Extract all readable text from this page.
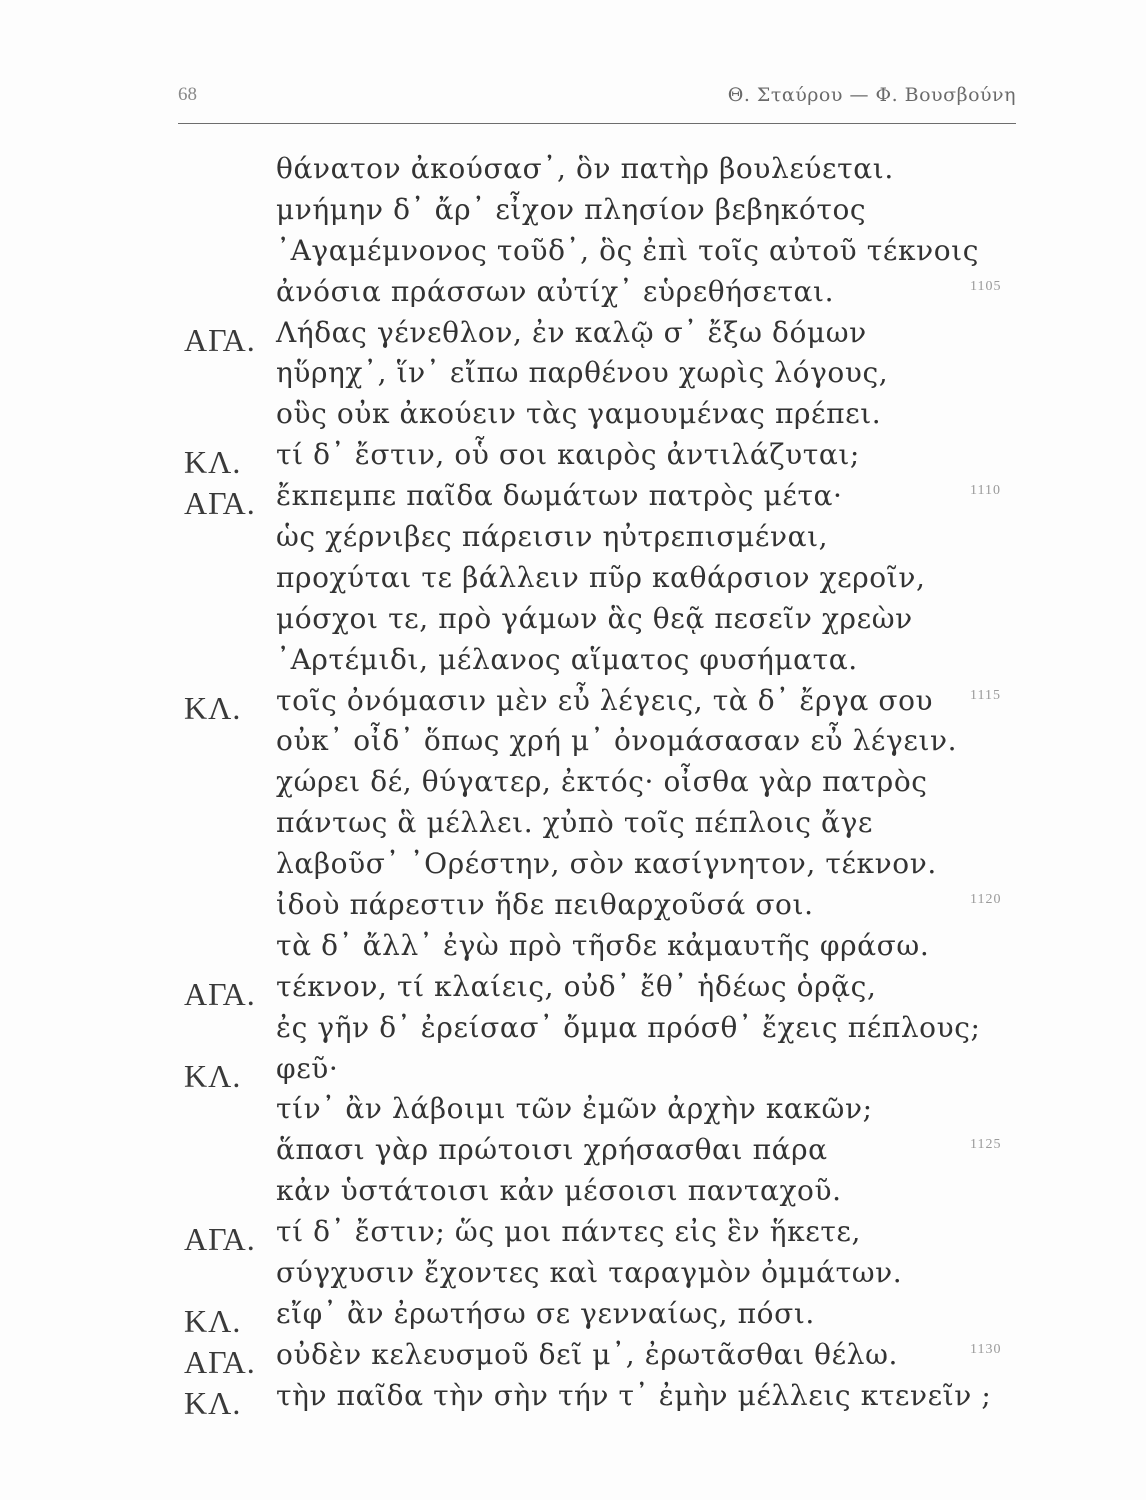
68	Θ. Σταύρου — Φ. Βουσβούνη
θάνατον ἀκούσασ᾿, ὃν πατὴρ βουλεύεται.
μνήμην δ᾿ ἄρ᾿ εἶχον πλησίον βεβηκότος
᾿Αγαμέμνονος τοῦδ᾿, ὃς ἐπὶ τοῖς αὐτοῦ τέκνοις
ἀνόσια πράσσων αὐτίχ᾿ εὑρεθήσεται.	1105
ΑΓΑ. Λήδας γένεθλον, ἐν καλῷ σ᾿ ἔξω δόμων
ηὕρηχ᾿, ἵν᾿ εἴπω παρθένου χωρὶς λόγους,
οὓς οὐκ ἀκούειν τὰς γαμουμένας πρέπει.
ΚΛ. τί δ᾿ ἔστιν, οὗ σοι καιρὸς ἀντιλάζυται;
ΑΓΑ. ἔκπεμπε παῖδα δωμάτων πατρὸς μέτα·	1110
ὡς χέρνιβες πάρεισιν ηὐτρεπισμέναι,
προχύται τε βάλλειν πῦρ καθάρσιον χεροῖν,
μόσχοι τε, πρὸ γάμων ἃς θεᾷ πεσεῖν χρεὼν
᾿Αρτέμιδι, μέλανος αἵματος φυσήματα.
ΚΛ. τοῖς ὀνόμασιν μὲν εὖ λέγεις, τὰ δ᾿ ἔργα σου	1115
οὐκ᾿ οἶδ᾿ ὅπως χρή μ᾿ ὀνομάσασαν εὖ λέγειν.
χώρει δέ, θύγατερ, ἐκτός· οἶσθα γὰρ πατρὸς
πάντως ἃ μέλλει. χὐπὸ τοῖς πέπλοις ἄγε
λαβοῦσ᾿ ᾿Ορέστην, σὸν κασίγνητον, τέκνον.
ἰδοὺ πάρεστιν ἥδε πειθαρχοῦσά σοι.	1120
τὰ δ᾿ ἄλλ᾿ ἐγὼ πρὸ τῆσδε κἀμαυτῆς φράσω.
ΑΓΑ. τέκνον, τί κλαίεις, οὐδ᾿ ἔθ᾿ ἡδέως ὁρᾷς,
ἐς γῆν δ᾿ ἐρείσασ᾿ ὄμμα πρόσθ᾿ ἔχεις πέπλους;
ΚΛ. φεῦ·
τίν᾿ ἂν λάβοιμι τῶν ἐμῶν ἀρχὴν κακῶν;
ἅπασι γὰρ πρώτοισι χρήσασθαι πάρα	1125
κἀν ὑστάτοισι κἀν μέσοισι πανταχοῦ.
ΑΓΑ. τί δ᾿ ἔστιν; ὥς μοι πάντες εἰς ἓν ἥκετε,
σύγχυσιν ἔχοντες καὶ ταραγμὸν ὀμμάτων.
ΚΛ. εἴφ᾿ ἂν ἐρωτήσω σε γενναίως, πόσι.
ΑΓΑ. οὐδὲν κελευσμοῦ δεῖ μ᾿, ἐρωτᾶσθαι θέλω.	1130
ΚΛ. τὴν παῖδα τὴν σὴν τήν τ᾿ ἐμὴν μέλλεις κτενεῖν ;
